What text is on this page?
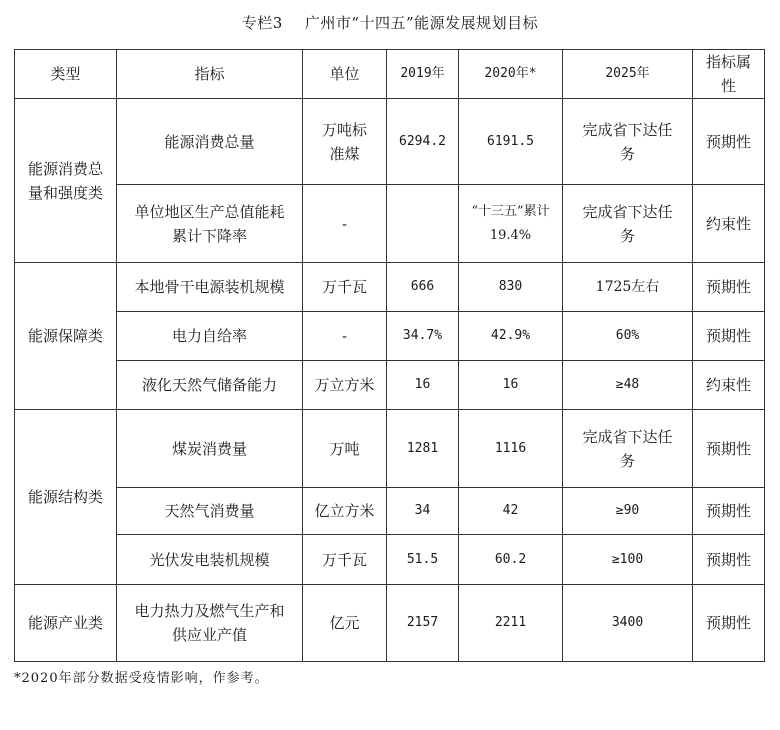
专栏3 广州市“十四五”能源发展规划目标
类型	指标	单位	2019年	2020年*	2025年	指标属性
能源消费总量和强度类	能源消费总量	万吨标准煤	6294.2	6191.5	完成省下达任务	预期性
	单位地区生产总值能耗累计下降率	-		“十三五”累计19.4%	完成省下达任务	约束性
能源保障类	本地骨干电源装机规模	万千瓦	666	830	1725左右	预期性
	电力自给率	-	34.7%	42.9%	60%	预期性
	液化天然气储备能力	万立方米	16	16	≥48	约束性
能源结构类	煤炭消费量	万吨	1281	1116	完成省下达任务	预期性
	天然气消费量	亿立方米	34	42	≥90	预期性
	光伏发电装机规模	万千瓦	51.5	60.2	≥100	预期性
能源产业类	电力热力及燃气生产和供应业产值	亿元	2157	2211	3400	预期性
*2020年部分数据受疫情影响，作参考。
